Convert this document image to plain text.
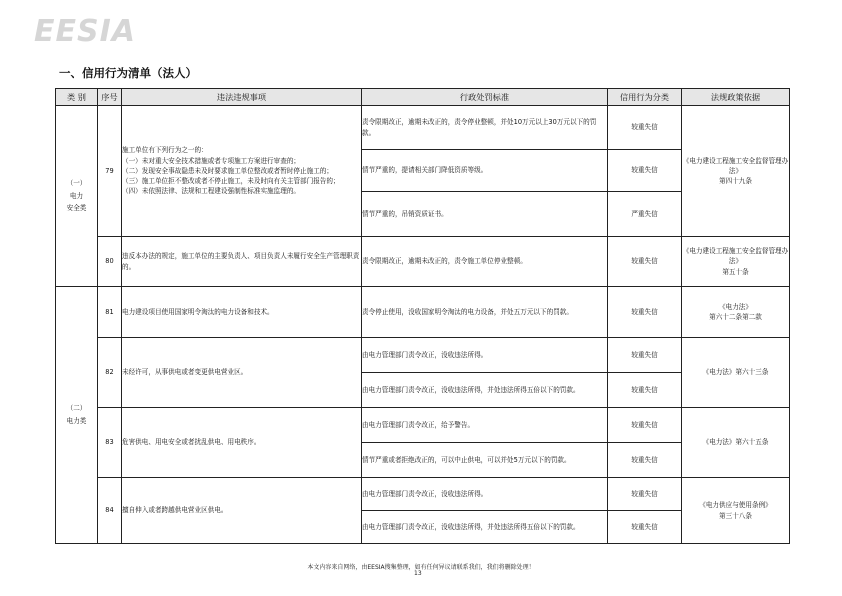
EESIA
一、信用行为清单（法人）
类 别	序号	违法违规事项	行政处罚标准	信用行为分类	法规政策依据

（一）
电力
安全类	79	施工单位有下列行为之一的：
（一）未对重大安全技术措施或者专项施工方案进行审查的；
（二）发现安全事故隐患未及时要求施工单位整改或者暂时停止施工的；
（三）施工单位拒不整改或者不停止施工，未及时向有关主管部门报告的；
（四）未依照法律、法规和工程建设强制性标准实施监理的。	责令限期改正，逾期未改正的，责令停业整顿，并处10万元以上30万元以下的罚款。	较重失信	《电力建设工程施工安全监督管理办法》
第四十九条
			情节严重的，提请相关部门降低资质等级。	较重失信	
			情节严重的，吊销资质证书。	严重失信	
	80	违反本办法的规定，施工单位的主要负责人、项目负责人未履行安全生产管理职责的。	责令限期改正，逾期未改正的，责令施工单位停业整顿。	较重失信	《电力建设工程施工安全监督管理办法》
第五十条

（二）
电力类	81	电力建设项目使用国家明令淘汰的电力设备和技术。	责令停止使用，没收国家明令淘汰的电力设备，并处五万元以下的罚款。	较重失信	《电力法》
第六十二条第二款
	82	未经许可，从事供电或者变更供电营业区。	由电力管理部门责令改正，没收违法所得。	较重失信	《电力法》第六十三条
			由电力管理部门责令改正，没收违法所得，并处违法所得五倍以下的罚款。	较重失信	
	83	危害供电、用电安全或者扰乱供电、用电秩序。	由电力管理部门责令改正，给予警告。	较重失信	《电力法》第六十五条
			情节严重或者拒绝改正的，可以中止供电，可以并处5万元以下的罚款。	较重失信	
	84	擅自伸入或者跨越供电营业区供电。	由电力管理部门责令改正，没收违法所得。	较重失信	《电力供应与使用条例》
第三十八条
			由电力管理部门责令改正，没收违法所得，并处违法所得五倍以下的罚款。	较重失信	
本文内容来自网络，由EESIA搜集整理，如有任何异议请联系我们，我们将删除处理！
13
